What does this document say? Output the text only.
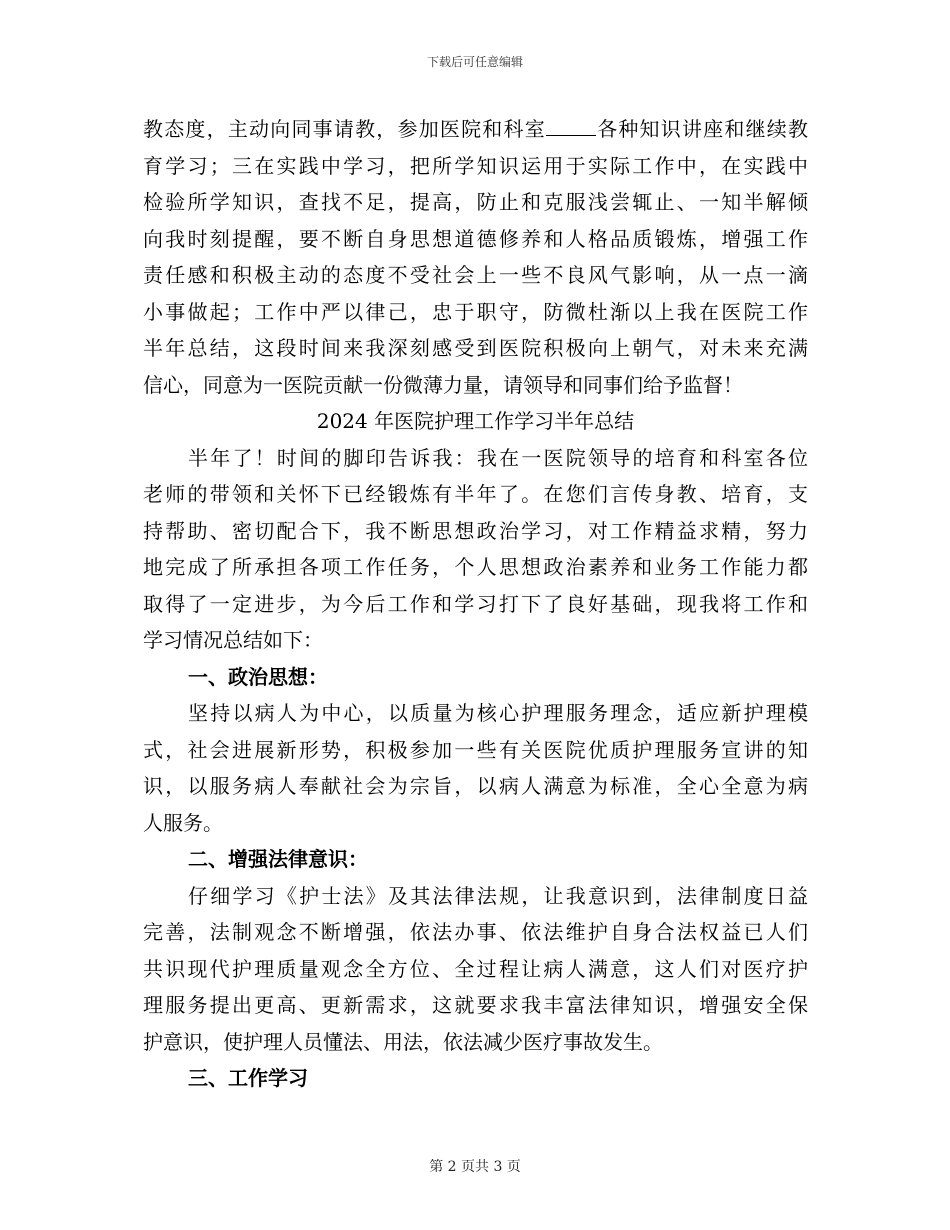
下载后可任意编辑
教态度，主动向同事请教，参加医院和科室	各种知识讲座和继续教
育学习；三在实践中学习，把所学知识运用于实际工作中，在实践中
检验所学知识，查找不足，提高，防止和克服浅尝辄止、一知半解倾
向我时刻提醒，要不断自身思想道德修养和人格品质锻炼，增强工作
责任感和积极主动的态度不受社会上一些不良风气影响，从一点一滴
小事做起；工作中严以律己，忠于职守，防微杜渐以上我在医院工作
半年总结，这段时间来我深刻感受到医院积极向上朝气，对未来充满
信心，同意为一医院贡献一份微薄力量，请领导和同事们给予监督！
2024 年医院护理工作学习半年总结
半年了！时间的脚印告诉我：我在一医院领导的培育和科室各位
老师的带领和关怀下已经锻炼有半年了。在您们言传身教、培育，支
持帮助、密切配合下，我不断思想政治学习，对工作精益求精，努力
地完成了所承担各项工作任务，个人思想政治素养和业务工作能力都
取得了一定进步，为今后工作和学习打下了良好基础，现我将工作和
学习情况总结如下：
一、政治思想：
坚持以病人为中心，以质量为核心护理服务理念，适应新护理模
式，社会进展新形势，积极参加一些有关医院优质护理服务宣讲的知
识，以服务病人奉献社会为宗旨，以病人满意为标准，全心全意为病
人服务。
二、增强法律意识：
仔细学习《护士法》及其法律法规，让我意识到，法律制度日益
完善，法制观念不断增强，依法办事、依法维护自身合法权益已人们
共识现代护理质量观念全方位、全过程让病人满意，这人们对医疗护
理服务提出更高、更新需求，这就要求我丰富法律知识，增强安全保
护意识，使护理人员懂法、用法，依法减少医疗事故发生。
三、工作学习
第 2 页共 3 页
